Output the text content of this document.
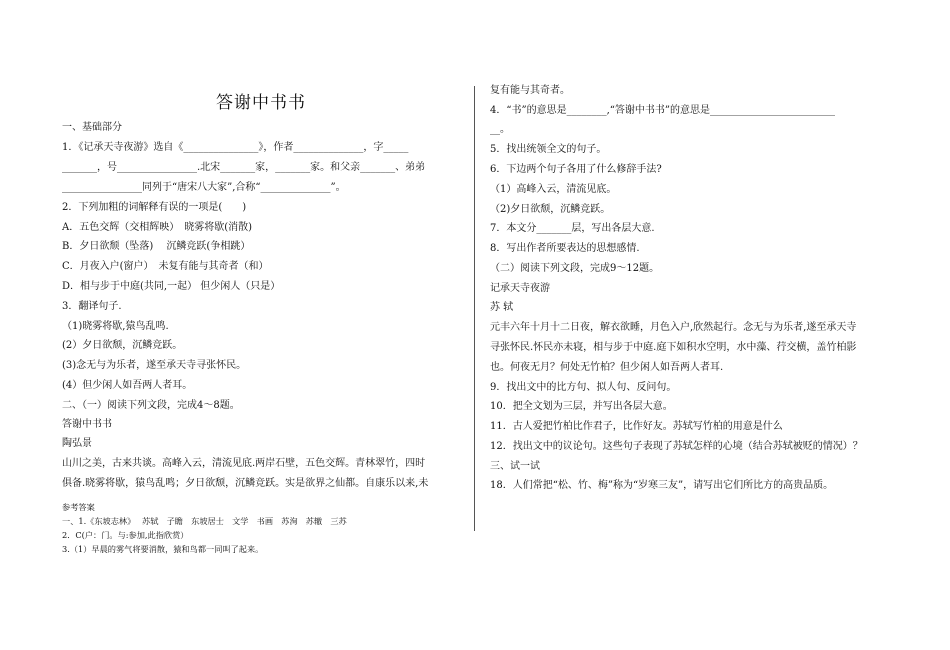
答谢中书书
一、基础部分
1．《记承天寺夜游》选自《_______________》，作者______________，字_____
_______，号________________.北宋_______家，_______家。和父亲_______、弟弟
________________同列于“唐宋八大家”,合称“______________”。
2．下列加粗的词解释有误的一项是(　　)
A．五色交辉（交相辉映）　晓雾将歇(消散)
B．夕日欲颓（坠落)　 沉鳞竞跃(争相跳）
C．月夜入户(窗户）　未复有能与其奇者（和）
D．相与步于中庭(共同,一起） 但少闲人（只是）
3．翻译句子.
（1)晓雾将歇,猿鸟乱鸣.
(2）夕日欲颓，沉鳞竞跃。
(3)念无与为乐者，遂至承天寺寻张怀民。
(4）但少闲人如吾两人者耳。
二、（一）阅读下列文段，完成4～8题。
答谢中书书
陶弘景
山川之美，古来共谈。高峰入云，清流见底.两岸石壁，五色交辉。青林翠竹，四时
俱备.晓雾将歇，猿鸟乱鸣；夕日欲颓，沉鳞竞跃。实是欲界之仙都。自康乐以来,未
参考答案
一、1.《东坡志林》　 苏轼　子瞻　东坡居士　文学　书画　苏洵　苏辙　三苏
2．C(户：门。与:参加,此指欣赏）
3.（1）早晨的雾气将要消散，猿和鸟都一同叫了起来。
复有能与其奇者。
4．“书”的意思是________,“答谢中书书”的意思是_________________________
__。
5．找出统领全文的句子。
6．下边两个句子各用了什么修辞手法?
（1）高峰入云，清流见底。
（2)夕日欲颓，沉鳞竞跃。
7．本文分_______层，写出各层大意.
8．写出作者所要表达的思想感情.
（二）阅读下列文段，完成9～12题。
记承天寺夜游
苏 轼
元丰六年十月十二日夜，解衣欲睡，月色入户,欣然起行。念无与为乐者,遂至承天寺
寻张怀民.怀民亦未寝，相与步于中庭.庭下如积水空明，水中藻、荇交横，盖竹柏影
也。何夜无月？何处无竹柏？但少闲人如吾两人者耳.
9．找出文中的比方句、拟人句、反问句。
10．把全文划为三层，并写出各层大意。
11．古人爱把竹柏比作君子，比作好友。苏轼写竹柏的用意是什么
12．找出文中的议论句。这些句子表现了苏轼怎样的心境（结合苏轼被贬的情况）？
三、试一试
18．人们常把“松、竹、梅”称为“岁寒三友”，请写出它们所比方的高贵品质。
